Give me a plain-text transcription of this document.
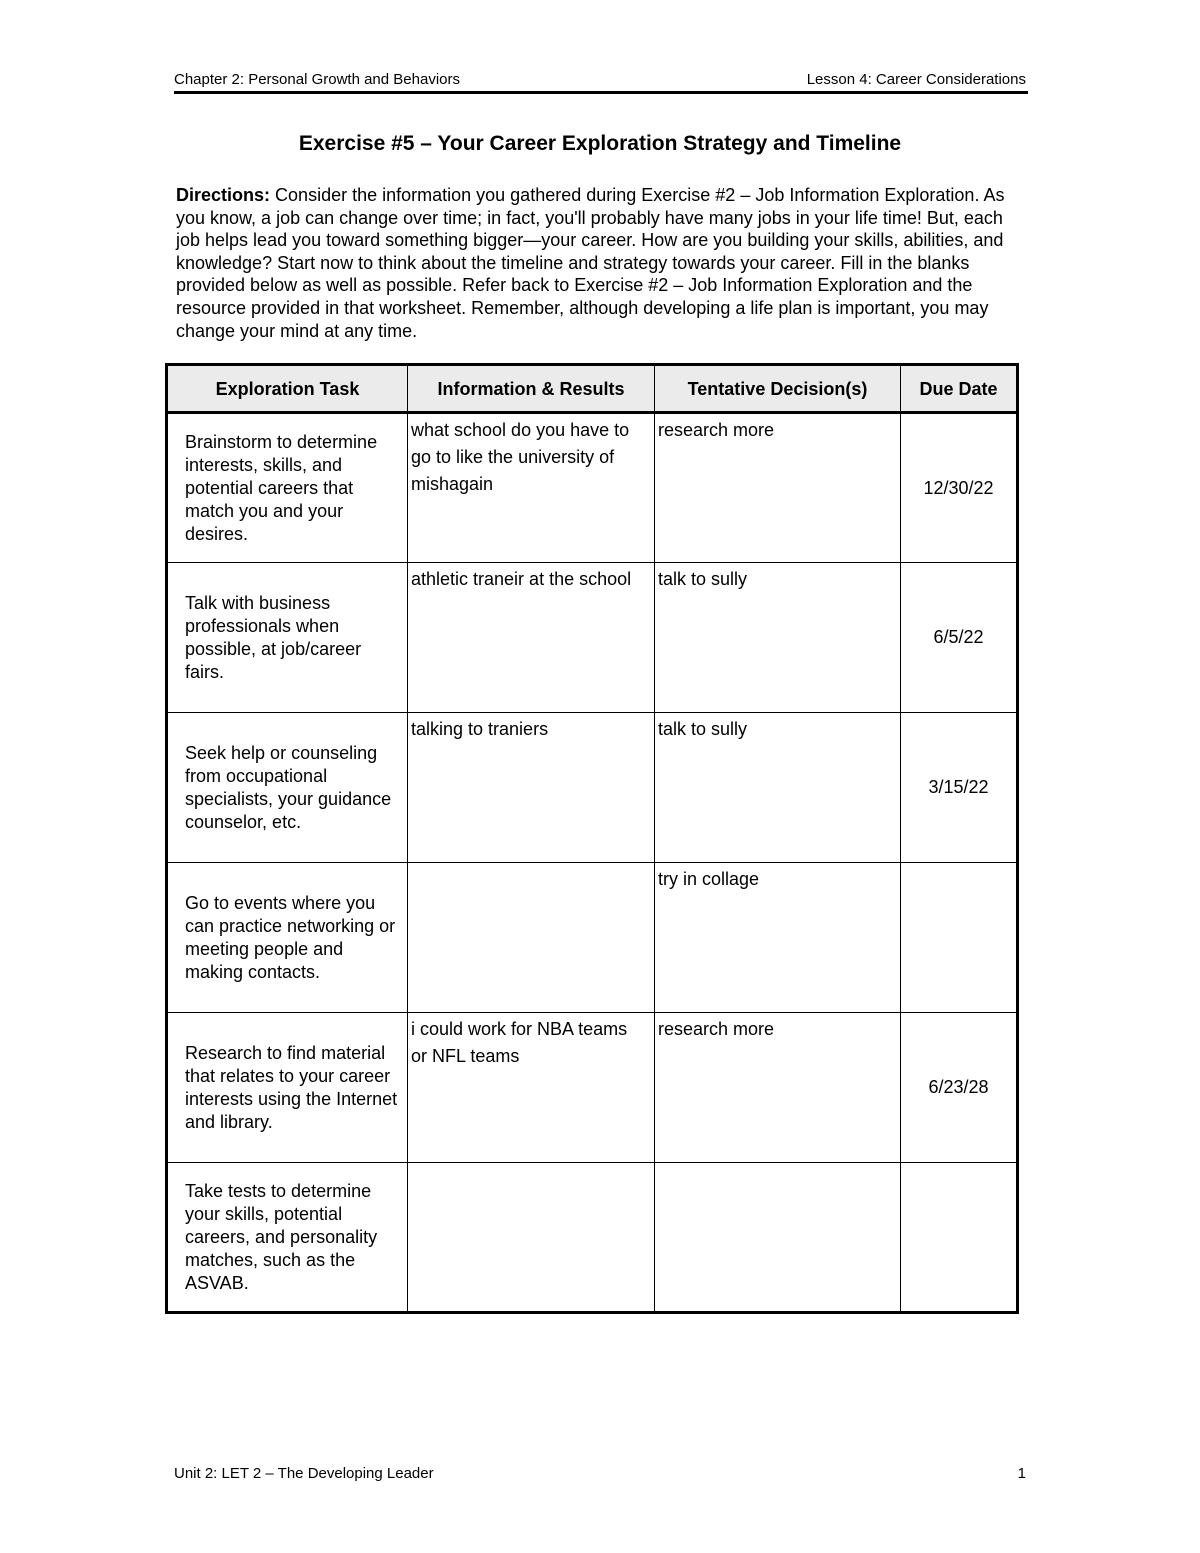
Chapter 2: Personal Growth and Behaviors	Lesson 4: Career Considerations
Exercise #5 – Your Career Exploration Strategy and Timeline
Directions: Consider the information you gathered during Exercise #2 – Job Information Exploration. As you know, a job can change over time; in fact, you'll probably have many jobs in your life time! But, each job helps lead you toward something bigger—your career. How are you building your skills, abilities, and knowledge? Start now to think about the timeline and strategy towards your career. Fill in the blanks provided below as well as possible. Refer back to Exercise #2 – Job Information Exploration and the resource provided in that worksheet. Remember, although developing a life plan is important, you may change your mind at any time.
Exploration Task	Information & Results	Tentative Decision(s)	Due Date
Brainstorm to determine interests, skills, and potential careers that match you and your desires.	what school do you have to go to like the university of mishagain	research more	12/30/22
Talk with business professionals when possible, at job/career fairs.	athletic traneir at the school	talk to sully	6/5/22
Seek help or counseling from occupational specialists, your guidance counselor, etc.	talking to traniers	talk to sully	3/15/22
Go to events where you can practice networking or meeting people and making contacts.		try in collage	
Research to find material that relates to your career interests using the Internet and library.	i could work for NBA teams or NFL teams	research more	6/23/28
Take tests to determine your skills, potential careers, and personality matches, such as the ASVAB.			
Unit 2: LET 2 – The Developing Leader	1
